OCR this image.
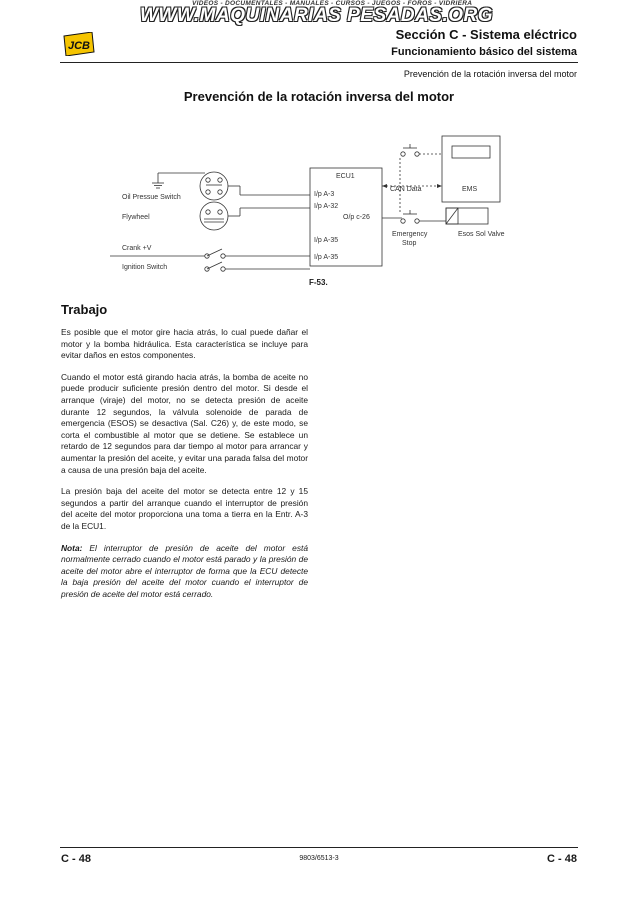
VIDEOS - DOCUMENTALES - MANUALES - CURSOS - JUEGOS - FOROS - VIDRIERA
WWW.MAQUINARIAS PESADAS.ORG
JCB
Sección C - Sistema eléctrico
Funcionamiento básico del sistema
Prevención de la rotación inversa del motor
Prevención de la rotación inversa del motor
Oil Pressue Switch
Flywheel
Crank +V
Ignition Switch
ECU1
I/p A-3
I/p A-32
O/p c-26
I/p A-35
I/p A-35
CAN Data	EMS
Emergency
Stop
Esos Sol Valve
F-53.
Trabajo

Es posible que el motor gire hacia atrás, lo cual puede dañar el motor y la bomba hidráulica. Esta característica se incluye para evitar daños en estos componentes.

Cuando el motor está girando hacia atrás, la bomba de aceite no puede producir suficiente presión dentro del motor. Si desde el arranque (viraje) del motor, no se detecta presión de aceite durante 12 segundos, la válvula solenoide de parada de emergencia (ESOS) se desactiva (Sal. C26) y, de este modo, se corta el combustible al motor que se detiene. Se establece un retardo de 12 segundos para dar tiempo al motor para arrancar y aumentar la presión del aceite, y evitar una parada falsa del motor a causa de una presión baja del aceite.

La presión baja del aceite del motor se detecta entre 12 y 15 segundos a partir del arranque cuando el interruptor de presión del aceite del motor proporciona una toma a tierra en la Entr. A-3 de la ECU1.

Nota: El interruptor de presión de aceite del motor está normalmente cerrado cuando el motor está parado y la presión de aceite del motor abre el interruptor de forma que la ECU detecte la baja presión del aceite del motor cuando el interruptor de presión de aceite del motor está cerrado.

C - 48	9803/6513-3	C - 48
